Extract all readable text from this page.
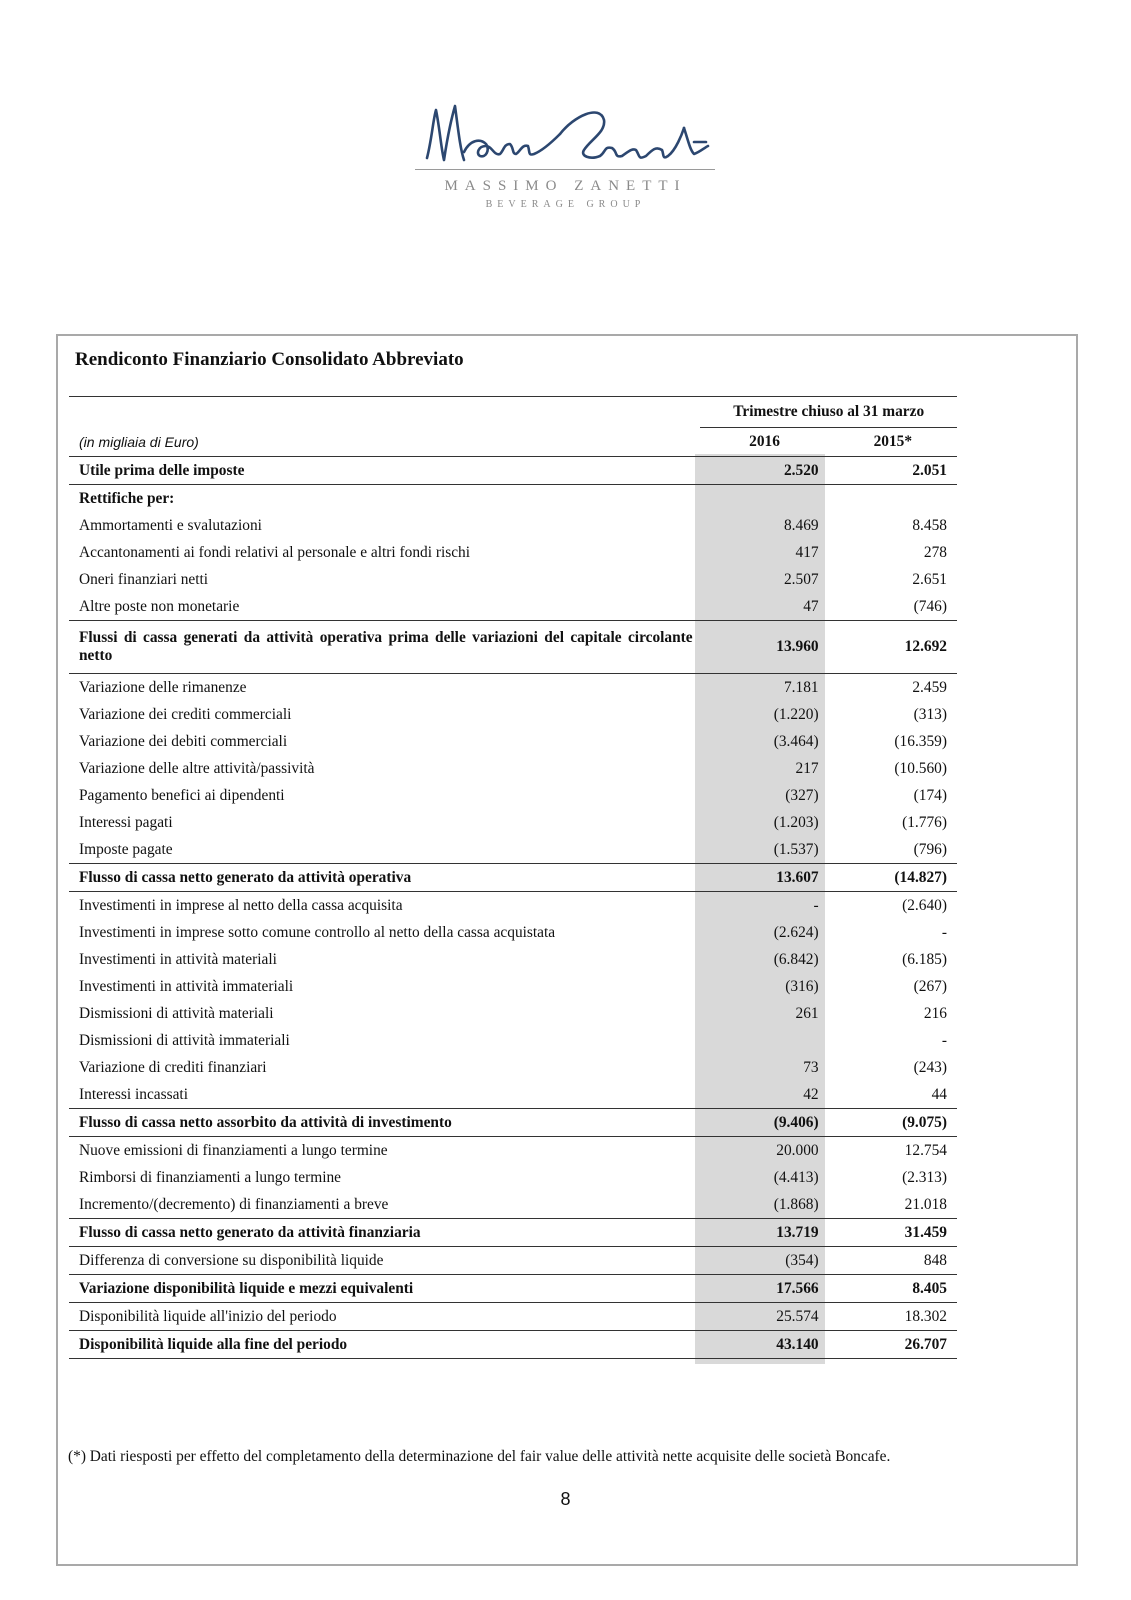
MASSIMO ZANETTI
BEVERAGE GROUP
Rendiconto Finanziario Consolidato Abbreviato
		Trimestre chiuso al 31 marzo	
(in migliaia di Euro)		2016		2015*
Utile prima delle imposte		2.520		2.051
Rettifiche per:				
Ammortamenti e svalutazioni		8.469		8.458
Accantonamenti ai fondi relativi al personale e altri fondi rischi		417		278
Oneri finanziari netti		2.507		2.651
Altre poste non monetarie		47		(746)
Flussi di cassa generati da attività operativa prima delle variazioni del capitale circolante netto		13.960		12.692
Variazione delle rimanenze		7.181		2.459
Variazione dei crediti commerciali		(1.220)		(313)
Variazione dei debiti commerciali		(3.464)		(16.359)
Variazione delle altre attività/passività		217		(10.560)
Pagamento benefici ai dipendenti		(327)		(174)
Interessi pagati		(1.203)		(1.776)
Imposte pagate		(1.537)		(796)
Flusso di cassa netto generato da attività operativa		13.607		(14.827)
Investimenti in imprese al netto della cassa acquisita		-		(2.640)
Investimenti in imprese sotto comune controllo al netto della cassa acquistata		(2.624)		-
Investimenti in attività materiali		(6.842)		(6.185)
Investimenti in attività immateriali		(316)		(267)
Dismissioni di attività materiali		261		216
Dismissioni di attività immateriali				-
Variazione di crediti finanziari		73		(243)
Interessi incassati		42		44
Flusso di cassa netto assorbito da attività di investimento		(9.406)		(9.075)
Nuove emissioni di finanziamenti a lungo termine		20.000		12.754
Rimborsi di finanziamenti a lungo termine		(4.413)		(2.313)
Incremento/(decremento) di finanziamenti a breve		(1.868)		21.018
Flusso di cassa netto generato da attività finanziaria		13.719		31.459
Differenza di conversione su disponibilità liquide		(354)		848
Variazione disponibilità liquide e mezzi equivalenti		17.566		8.405
Disponibilità liquide all'inizio del periodo		25.574		18.302
Disponibilità liquide alla fine del periodo		43.140		26.707
(*) Dati riesposti per effetto del completamento della determinazione del fair value delle attività nette acquisite delle società Boncafe.
8
